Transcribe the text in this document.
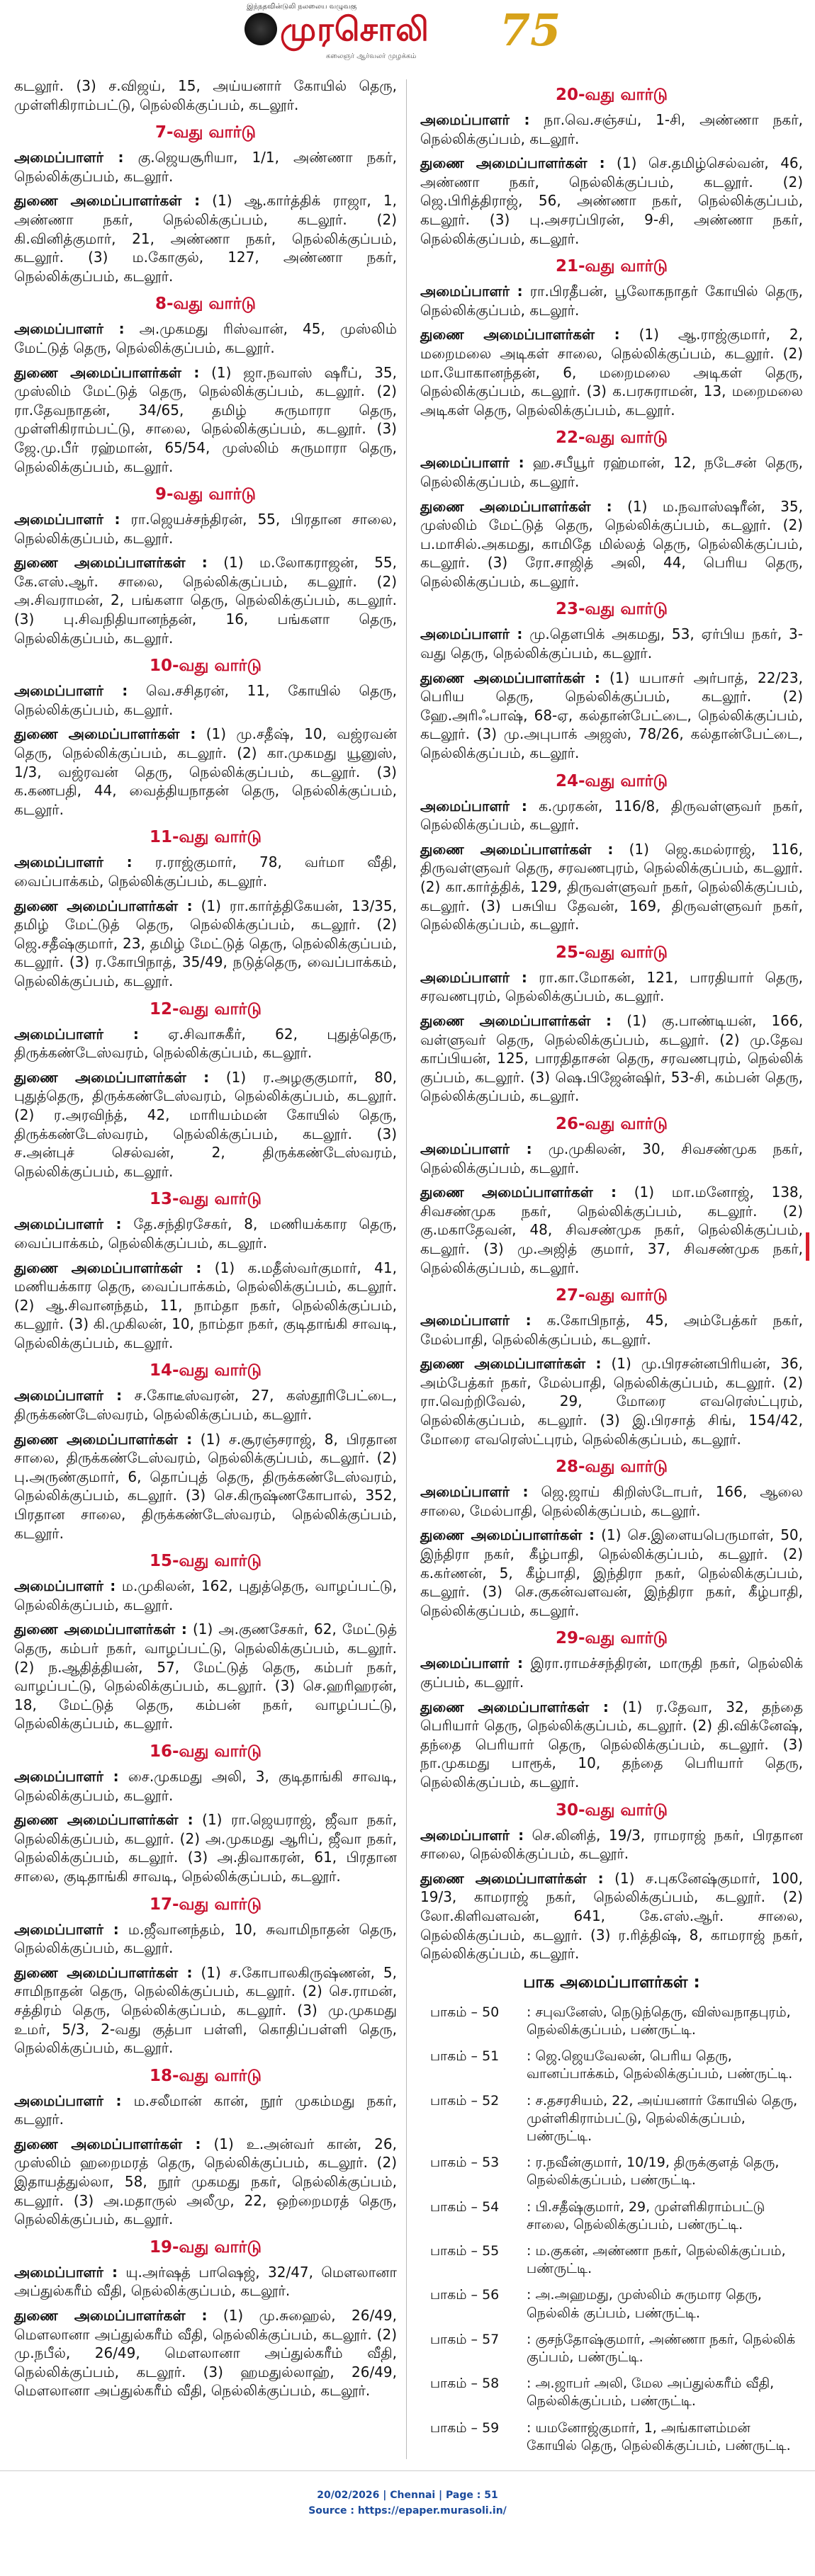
இந்நதவின்டுலி நலலைய வழுவகு
முரசொலி 75
கலைஞர் ஆர்வலர் முழக்கம்

கடலூர். (3) ச.விஜய், 15, அய்யனார் கோயில் தெரு, முள்ளிகிராம்பட்டு, நெல்லிக்குப்பம், கடலூர்.

7-வது வார்டு

அமைப்பாளர் : கு.ஜெயசூரியா, 1/1, அண்ணா நகர், நெல்லிக்குப்பம், கடலூர்.

துணை அமைப்பாளர்கள் : (1) ஆ.கார்த்திக் ராஜா, 1, அண்ணா நகர், நெல்லிக்குப்பம், கடலூர். (2) கி.வினித்குமார், 21, அண்ணா நகர், நெல்லிக்குப்பம், கடலூர். (3) ம.கோகுல், 127, அண்ணா நகர், நெல்லிக்குப்பம், கடலூர்.

8-வது வார்டு

அமைப்பாளர் : அ.முகமது ரிஸ்வான், 45, முஸ்லிம் மேட்டுத் தெரு, நெல்லிக்குப்பம், கடலூர்.

துணை அமைப்பாளர்கள் : (1) ஜா.நவாஸ் ஷரீப், 35, முஸ்லிம் மேட்டுத் தெரு, நெல்லிக்குப்பம், கடலூர். (2) ரா.தேவநாதன், 34/65, தமிழ் சுருமாரா தெரு, முள்ளிகிராம்பட்டு, சாலை, நெல்லிக்குப்பம், கடலூர். (3) ஜே.மு.பீர் ரஹ்மான், 65/54, முஸ்லிம் சுருமாரா தெரு, நெல்லிக்குப்பம், கடலூர்.

9-வது வார்டு

அமைப்பாளர் : ரா.ஜெயச்சந்திரன், 55, பிரதான சாலை, நெல்லிக்குப்பம், கடலூர்.

துணை அமைப்பாளர்கள் : (1) ம.லோகராஜன், 55, கே.எஸ்.ஆர். சாலை, நெல்லிக்குப்பம், கடலூர். (2) அ.சிவராமன், 2, பங்களா தெரு, நெல்லிக்குப்பம், கடலூர். (3) பு.சிவநிதியானந்தன், 16, பங்களா தெரு, நெல்லிக்குப்பம், கடலூர்.

10-வது வார்டு

அமைப்பாளர் : வெ.சசிதரன், 11, கோயில் தெரு, நெல்லிக்குப்பம், கடலூர்.

துணை அமைப்பாளர்கள் : (1) மு.சதீஷ், 10, வஜ்ரவன் தெரு, நெல்லிக்குப்பம், கடலூர். (2) கா.முகமது யூனுஸ், 1/3, வஜ்ரவன் தெரு, நெல்லிக்குப்பம், கடலூர். (3) க.கணபதி, 44, வைத்தியநாதன் தெரு, நெல்லிக்குப்பம், கடலூர்.

11-வது வார்டு

அமைப்பாளர் : ர.ராஜ்குமார், 78, வர்மா வீதி, வைப்பாக்கம், நெல்லிக்குப்பம், கடலூர்.

துணை அமைப்பாளர்கள் : (1) ரா.கார்த்திகேயன், 13/35, தமிழ் மேட்டுத் தெரு, நெல்லிக்குப்பம், கடலூர். (2) ஜெ.சதீஷ்குமார், 23, தமிழ் மேட்டுத் தெரு, நெல்லிக்குப்பம், கடலூர். (3) ர.கோபிநாத், 35/49, நடுத்தெரு, வைப்பாக்கம், நெல்லிக்குப்பம், கடலூர்.

12-வது வார்டு

அமைப்பாளர் : ஏ.சிவாசுகீர், 62, புதுத்தெரு, திருக்கண்டேஸ்வரம், நெல்லிக்குப்பம், கடலூர்.

துணை அமைப்பாளர்கள் : (1) ர.அழகுகுமார், 80, புதுத்தெரு, திருக்கண்டேஸ்வரம், நெல்லிக்குப்பம், கடலூர். (2) ர.அரவிந்த், 42, மாரியம்மன் கோயில் தெரு, திருக்கண்டேஸ்வரம், நெல்லிக்குப்பம், கடலூர். (3) ச.அன்புச் செல்வன், 2, திருக்கண்டேஸ்வரம், நெல்லிக்குப்பம், கடலூர்.

13-வது வார்டு

அமைப்பாளர் : தே.சந்திரசேகர், 8, மணியக்கார தெரு, வைப்பாக்கம், நெல்லிக்குப்பம், கடலூர்.

துணை அமைப்பாளர்கள் : (1) க.மதீஸ்வர்குமார், 41, மணியக்கார தெரு, வைப்பாக்கம், நெல்லிக்குப்பம், கடலூர். (2) ஆ.சிவானந்தம், 11, நாம்தா நகர், நெல்லிக்குப்பம், கடலூர். (3) கி.முகிலன், 10, நாம்தா நகர், குடிதாங்கி சாவடி, நெல்லிக்குப்பம், கடலூர்.

14-வது வார்டு

அமைப்பாளர் : ச.கோடீஸ்வரன், 27, கஸ்தூரிபேட்டை, திருக்கண்டேஸ்வரம், நெல்லிக்குப்பம், கடலூர்.

துணை அமைப்பாளர்கள் : (1) ச.சூரஞ்சராஜ், 8, பிரதான சாலை, திருக்கண்டேஸ்வரம், நெல்லிக்குப்பம், கடலூர். (2) பு.அருண்குமார், 6, தொப்புத் தெரு, திருக்கண்டேஸ்வரம், நெல்லிக்குப்பம், கடலூர். (3) செ.கிருஷ்ணகோபால், 352, பிரதான சாலை, திருக்கண்டேஸ்வரம், நெல்லிக்குப்பம், கடலூர்.

15-வது வார்டு

அமைப்பாளர் : ம.முகிலன், 162, புதுத்தெரு, வாழப்பட்டு, நெல்லிக்குப்பம், கடலூர்.

துணை அமைப்பாளர்கள் : (1) அ.குணசேகர், 62, மேட்டுத் தெரு, கம்பர் நகர், வாழப்பட்டு, நெல்லிக்குப்பம், கடலூர். (2) ந.ஆதித்தியன், 57, மேட்டுத் தெரு, கம்பர் நகர், வாழப்பட்டு, நெல்லிக்குப்பம், கடலூர். (3) செ.ஹரிஹரன், 18, மேட்டுத் தெரு, கம்பன் நகர், வாழப்பட்டு, நெல்லிக்குப்பம், கடலூர்.

16-வது வார்டு

அமைப்பாளர் : சை.முகமது அலி, 3, குடிதாங்கி சாவடி, நெல்லிக்குப்பம், கடலூர்.

துணை அமைப்பாளர்கள் : (1) ரா.ஜெயராஜ், ஜீவா நகர், நெல்லிக்குப்பம், கடலூர். (2) அ.முகமது ஆரிப், ஜீவா நகர், நெல்லிக்குப்பம், கடலூர். (3) அ.திவாகரன், 61, பிரதான சாலை, குடிதாங்கி சாவடி, நெல்லிக்குப்பம், கடலூர்.

17-வது வார்டு

அமைப்பாளர் : ம.ஜீவானந்தம், 10, சுவாமிநாதன் தெரு, நெல்லிக்குப்பம், கடலூர்.

துணை அமைப்பாளர்கள் : (1) ச.கோபாலகிருஷ்ணன், 5, சாமிநாதன் தெரு, நெல்லிக்குப்பம், கடலூர். (2) செ.ராமன், சத்திரம் தெரு, நெல்லிக்குப்பம், கடலூர். (3) மு.முகமது உமர், 5/3, 2-வது குத்பா பள்ளி, கொதிப்பள்ளி தெரு, நெல்லிக்குப்பம், கடலூர்.

18-வது வார்டு

அமைப்பாளர் : ம.சலீமான் கான், நூர் முகம்மது நகர், கடலூர்.

துணை அமைப்பாளர்கள் : (1) உ.அன்வர் கான், 26, முஸ்லிம் ஹறைமரத் தெரு, நெல்லிக்குப்பம், கடலூர். (2) இதாயத்துல்லா, 58, நூர் முகமது நகர், நெல்லிக்குப்பம், கடலூர். (3) அ.மதாருல் அலீமு, 22, ஒற்றைமரத் தெரு, நெல்லிக்குப்பம், கடலூர்.

19-வது வார்டு

அமைப்பாளர் : யு.அர்ஷத் பாஷெஜ், 32/47, மௌலானா அப்துல்கரீம் வீதி, நெல்லிக்குப்பம், கடலூர்.

துணை அமைப்பாளர்கள் : (1) மு.சுஹைல், 26/49, மௌலானா அப்துல்கரீம் வீதி, நெல்லிக்குப்பம், கடலூர். (2) மு.நபீல், 26/49, மௌலானா அப்துல்கரீம் வீதி, நெல்லிக்குப்பம், கடலூர். (3) ஹமதுல்லாஹ், 26/49, மௌலானா அப்துல்கரீம் வீதி, நெல்லிக்குப்பம், கடலூர்.

20-வது வார்டு

அமைப்பாளர் : நா.வெ.சஞ்சய், 1-சி, அண்ணா நகர், நெல்லிக்குப்பம், கடலூர்.

துணை அமைப்பாளர்கள் : (1) செ.தமிழ்செல்வன், 46, அண்ணா நகர், நெல்லிக்குப்பம், கடலூர். (2) ஜெ.பிரித்திராஜ், 56, அண்ணா நகர், நெல்லிக்குப்பம், கடலூர். (3) பு.அசரப்பிரன், 9-சி, அண்ணா நகர், நெல்லிக்குப்பம், கடலூர்.

21-வது வார்டு

அமைப்பாளர் : ரா.பிரதீபன், பூலோகநாதர் கோயில் தெரு, நெல்லிக்குப்பம், கடலூர்.

துணை அமைப்பாளர்கள் : (1) ஆ.ராஜ்குமார், 2, மறைமலை அடிகள் சாலை, நெல்லிக்குப்பம், கடலூர். (2) மா.யோகானந்தன், 6, மறைமலை அடிகள் தெரு, நெல்லிக்குப்பம், கடலூர். (3) க.பரசுராமன், 13, மறைமலை அடிகள் தெரு, நெல்லிக்குப்பம், கடலூர்.

22-வது வார்டு

அமைப்பாளர் : ஹ.சபீயூர் ரஹ்மான், 12, நடேசன் தெரு, நெல்லிக்குப்பம், கடலூர்.

துணை அமைப்பாளர்கள் : (1) ம.நவாஸ்ஷரீன், 35, முஸ்லிம் மேட்டுத் தெரு, நெல்லிக்குப்பம், கடலூர். (2) ப.மாசில்.அகமது, காமிதே மில்லத் தெரு, நெல்லிக்குப்பம், கடலூர். (3) ரோ.சாஜித் அலி, 44, பெரிய தெரு, நெல்லிக்குப்பம், கடலூர்.

23-வது வார்டு

அமைப்பாளர் : மு.தௌபிக் அகமது, 53, ஏர்பிய நகர், 3-வது தெரு, நெல்லிக்குப்பம், கடலூர்.

துணை அமைப்பாளர்கள் : (1) யபாசர் அர்பாத், 22/23, பெரிய தெரு, நெல்லிக்குப்பம், கடலூர். (2) ஹே.அரிஃபாஷ், 68-ஏ, கல்தான்பேட்டை, நெல்லிக்குப்பம், கடலூர். (3) மு.அபுபாக் அஜஸ், 78/26, கல்தான்பேட்டை, நெல்லிக்குப்பம், கடலூர்.

24-வது வார்டு

அமைப்பாளர் : க.முரகன், 116/8, திருவள்ளுவர் நகர், நெல்லிக்குப்பம், கடலூர்.

துணை அமைப்பாளர்கள் : (1) ஜெ.கமல்ராஜ், 116, திருவள்ளுவர் தெரு, சரவணபுரம், நெல்லிக்குப்பம், கடலூர். (2) கா.கார்த்திக், 129, திருவள்ளுவர் நகர், நெல்லிக்குப்பம், கடலூர். (3) பசுபிய தேவன், 169, திருவள்ளுவர் நகர், நெல்லிக்குப்பம், கடலூர்.

25-வது வார்டு

அமைப்பாளர் : ரா.கா.மோகன், 121, பாரதியார் தெரு, சரவணபுரம், நெல்லிக்குப்பம், கடலூர்.

துணை அமைப்பாளர்கள் : (1) கு.பாண்டியன், 166, வள்ளுவர் தெரு, நெல்லிக்குப்பம், கடலூர். (2) மு.தேவ காப்பியன், 125, பாரதிதாசன் தெரு, சரவணபுரம், நெல்லிக் குப்பம், கடலூர். (3) ஷெ.பிஜேன்ஷிர், 53-சி, கம்பன் தெரு, நெல்லிக்குப்பம், கடலூர்.

26-வது வார்டு

அமைப்பாளர் : மு.முகிலன், 30, சிவசண்முக நகர், நெல்லிக்குப்பம், கடலூர்.

துணை அமைப்பாளர்கள் : (1) மா.மனோஜ், 138, சிவசண்முக நகர், நெல்லிக்குப்பம், கடலூர். (2) கு.மகாதேவன், 48, சிவசண்முக நகர், நெல்லிக்குப்பம், கடலூர். (3) மு.அஜித் குமார், 37, சிவசண்முக நகர், நெல்லிக்குப்பம், கடலூர்.

27-வது வார்டு

அமைப்பாளர் : க.கோபிநாத், 45, அம்பேத்கர் நகர், மேல்பாதி, நெல்லிக்குப்பம், கடலூர்.

துணை அமைப்பாளர்கள் : (1) மு.பிரசன்னபிரியன், 36, அம்பேத்கர் நகர், மேல்பாதி, நெல்லிக்குப்பம், கடலூர். (2) ரா.வெற்றிவேல், 29, மோரை எவரெஸ்ட்புரம், நெல்லிக்குப்பம், கடலூர். (3) இ.பிரசாத் சிங், 154/42, மோரை எவரெஸ்ட்புரம், நெல்லிக்குப்பம், கடலூர்.

28-வது வார்டு

அமைப்பாளர் : ஜெ.ஜாய் கிறிஸ்டோபர், 166, ஆலை சாலை, மேல்பாதி, நெல்லிக்குப்பம், கடலூர்.

துணை அமைப்பாளர்கள் : (1) செ.இளையபெருமாள், 50, இந்திரா நகர், கீழ்பாதி, நெல்லிக்குப்பம், கடலூர். (2) க.கர்ணன், 5, கீழ்பாதி, இந்திரா நகர், நெல்லிக்குப்பம், கடலூர். (3) செ.குகன்வளவன், இந்திரா நகர், கீழ்பாதி, நெல்லிக்குப்பம், கடலூர்.

29-வது வார்டு

அமைப்பாளர் : இரா.ராமச்சந்திரன், மாருதி நகர், நெல்லிக் குப்பம், கடலூர்.

துணை அமைப்பாளர்கள் : (1) ர.தேவா, 32, தந்தை பெரியார் தெரு, நெல்லிக்குப்பம், கடலூர். (2) தி.விக்னேஷ், தந்தை பெரியார் தெரு, நெல்லிக்குப்பம், கடலூர். (3) நா.முகமது பாரூக், 10, தந்தை பெரியார் தெரு, நெல்லிக்குப்பம், கடலூர்.

30-வது வார்டு

அமைப்பாளர் : செ.லினித், 19/3, ராமராஜ் நகர், பிரதான சாலை, நெல்லிக்குப்பம், கடலூர்.

துணை அமைப்பாளர்கள் : (1) ச.புகனேஷ்குமார், 100, 19/3, காமராஜ் நகர், நெல்லிக்குப்பம், கடலூர். (2) லோ.கிளிவளவன், 641, கே.எஸ்.ஆர். சாலை, நெல்லிக்குப்பம், கடலூர். (3) ர.ரித்திஷ், 8, காமராஜ் நகர், நெல்லிக்குப்பம், கடலூர்.

பாக அமைப்பாளர்கள் :
பாகம் – 50	: சபுவனேஸ், நெடுந்தெரு, விஸ்வநாதபுரம், நெல்லிக்குப்பம், பண்ருட்டி.
பாகம் – 51	: ஜெ.ஜெயவேலன், பெரிய தெரு, வானப்பாக்கம், நெல்லிக்குப்பம், பண்ருட்டி.
பாகம் – 52	: ச.தசரசியம், 22, அய்யனார் கோயில் தெரு, முள்ளிகிராம்பட்டு, நெல்லிக்குப்பம், பண்ருட்டி.
பாகம் – 53	: ர.நவீன்குமார், 10/19, திருக்குளத் தெரு, நெல்லிக்குப்பம், பண்ருட்டி.
பாகம் – 54	: பி.சதீஷ்குமார், 29, முள்ளிகிராம்பட்டு சாலை, நெல்லிக்குப்பம், பண்ருட்டி.
பாகம் – 55	: ம.குகன், அண்ணா நகர், நெல்லிக்குப்பம், பண்ருட்டி.
பாகம் – 56	: அ.அஹமது, முஸ்லிம் சுருமார தெரு, நெல்லிக் குப்பம், பண்ருட்டி.
பாகம் – 57	: குசந்தோஷ்குமார், அண்ணா நகர், நெல்லிக் குப்பம், பண்ருட்டி.
பாகம் – 58	: அ.ஜாபர் அலி, மேல அப்துல்கரீம் வீதி, நெல்லிக்குப்பம், பண்ருட்டி.
பாகம் – 59	: யமனோஜ்குமார், 1, அங்காளம்மன் கோயில் தெரு, நெல்லிக்குப்பம், பண்ருட்டி.
20/02/2026 | Chennai | Page : 51
Source : https://epaper.murasoli.in/
